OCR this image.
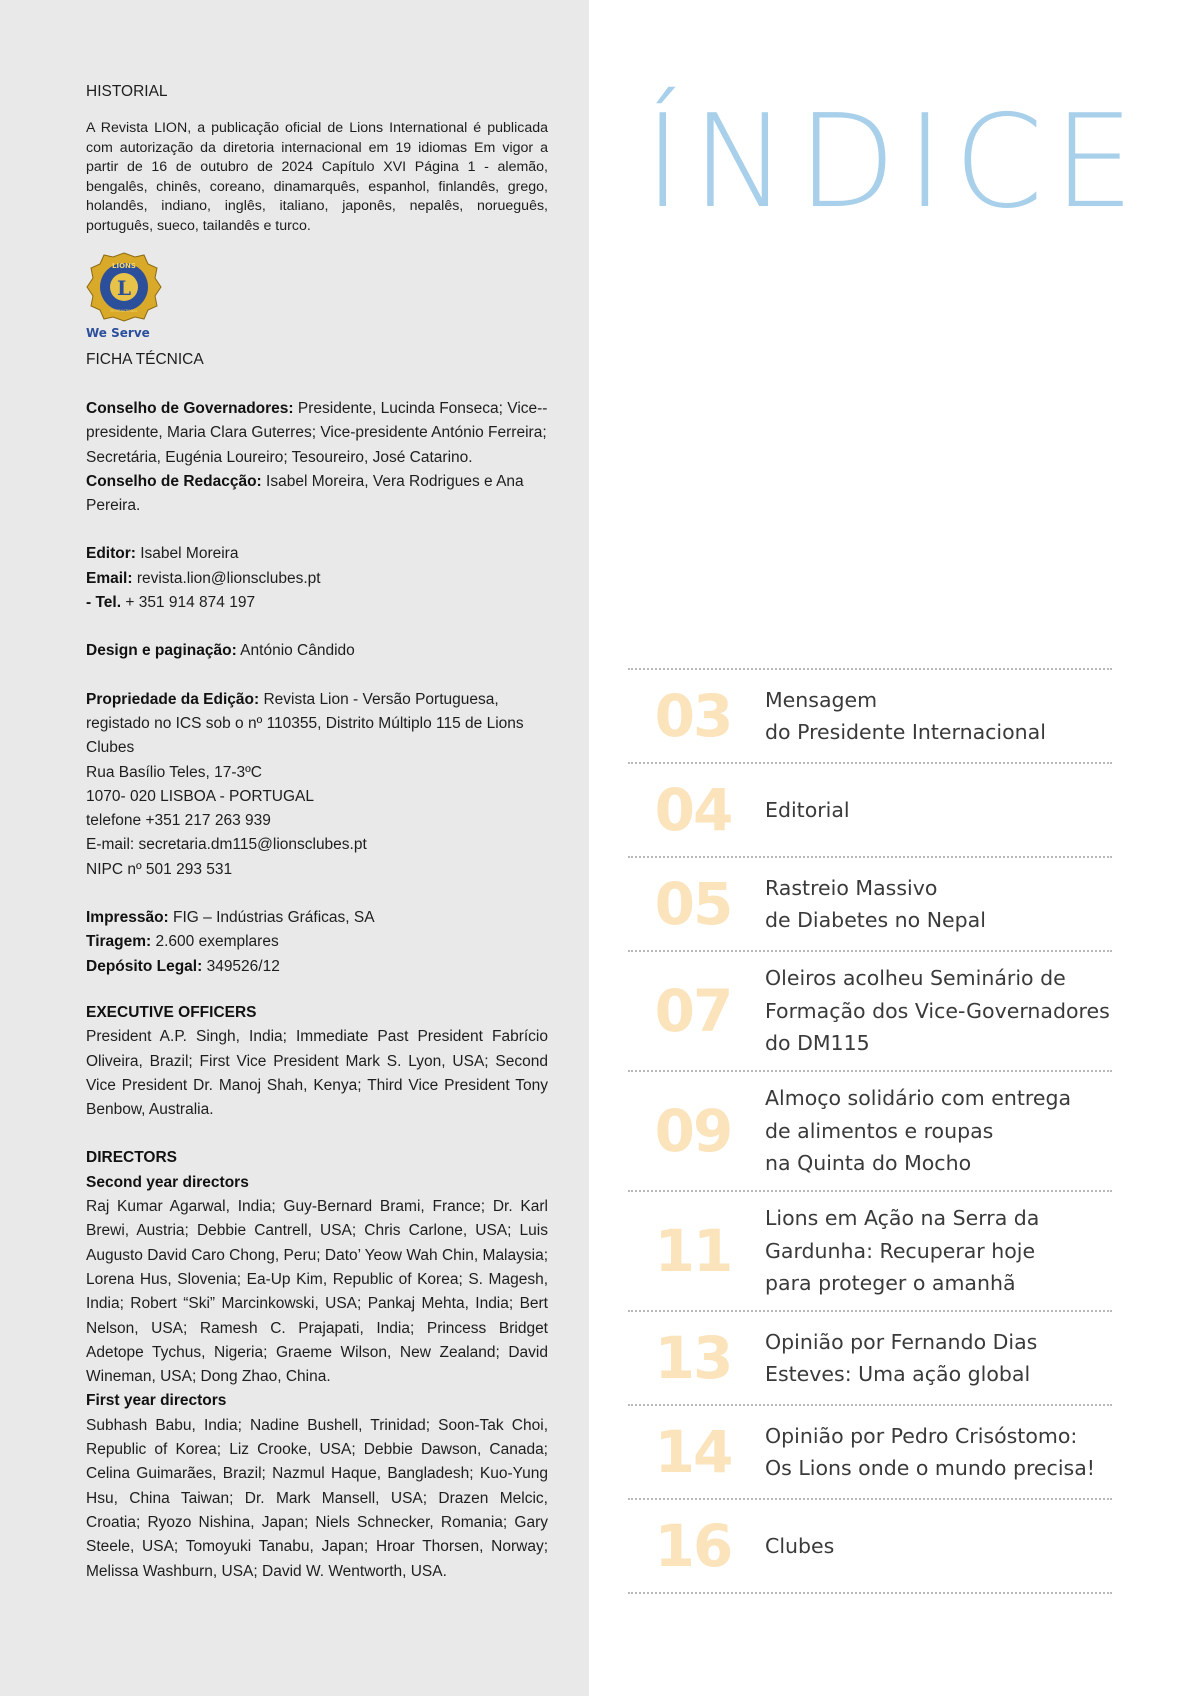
HISTORIAL
A Revista LION, a publicação oficial de Lions International é publicada com autorização da diretoria internacional em 19 idiomas Em vigor a partir de 16 de outubro de 2024 Capítulo XVI Página 1 - alemão, bengalês, chinês, coreano, dinamarquês, espanhol, finlandês, grego, holandês, indiano, inglês, italiano, japonês, nepalês, norueguês, português, sueco, tailandês e turco.
L
LIONS
INTERNATIONAL
We Serve
FICHA TÉCNICA

Conselho de Governadores: Presidente, Lucinda Fonseca; Vice--presidente, Maria Clara Guterres; Vice-presidente António Ferreira; Secretária, Eugénia Loureiro; Tesoureiro, José Catarino.

Conselho de Redacção: Isabel Moreira, Vera Rodrigues e Ana Pereira.

Editor: Isabel Moreira
Email: revista.lion@lionsclubes.pt
- Tel. + 351 914 874 197

Design e paginação: António Cândido

Propriedade da Edição: Revista Lion - Versão Portuguesa, registado no ICS sob o nº 110355, Distrito Múltiplo 115 de Lions Clubes
Rua Basílio Teles, 17-3ºC
1070- 020 LISBOA - PORTUGAL
telefone +351 217 263 939
E-mail: secretaria.dm115@lionsclubes.pt
NIPC nº 501 293 531

Impressão: FIG – Indústrias Gráficas, SA
Tiragem: 2.600 exemplares
Depósito Legal: 349526/12

EXECUTIVE OFFICERS

President A.P. Singh, India; Immediate Past President Fabrício Oliveira, Brazil; First Vice President Mark S. Lyon, USA; Second Vice President Dr. Manoj Shah, Kenya; Third Vice President Tony Benbow, Australia.

DIRECTORS

Second year directors

Raj Kumar Agarwal, India; Guy-Bernard Brami, France; Dr. Karl Brewi, Austria; Debbie Cantrell, USA; Chris Carlone, USA; Luis Augusto David Caro Chong, Peru; Dato’ Yeow Wah Chin, Malaysia; Lorena Hus, Slovenia; Ea-Up Kim, Republic of Korea; S. Magesh, India; Robert “Ski” Marcinkowski, USA; Pankaj Mehta, India; Bert Nelson, USA; Ramesh C. Prajapati, India; Princess Bridget Adetope Tychus, Nigeria; Graeme Wilson, New Zealand; David Wineman, USA; Dong Zhao, China.

First year directors

Subhash Babu, India; Nadine Bushell, Trinidad; Soon-Tak Choi, Republic of Korea; Liz Crooke, USA; Debbie Dawson, Canada; Celina Guimarães, Brazil; Nazmul Haque, Bangladesh; Kuo-Yung Hsu, China Taiwan; Dr. Mark Mansell, USA; Drazen Melcic, Croatia; Ryozo Nishina, Japan; Niels Schnecker, Romania; Gary Steele, USA; Tomoyuki Tanabu, Japan; Hroar Thorsen, Norway; Melissa Washburn, USA; David W. Wentworth, USA.

ÍNDICE
03	Mensagem
do Presidente Internacional
04	Editorial
05	Rastreio Massivo
de Diabetes no Nepal
07	Oleiros acolheu Seminário de
Formação dos Vice-Governadores
do DM115
09	Almoço solidário com entrega
de alimentos e roupas
na Quinta do Mocho
11	Lions em Ação na Serra da
Gardunha: Recuperar hoje
para proteger o amanhã
13	Opinião por Fernando Dias
Esteves: Uma ação global
14	Opinião por Pedro Crisóstomo:
Os Lions onde o mundo precisa!
16	Clubes
